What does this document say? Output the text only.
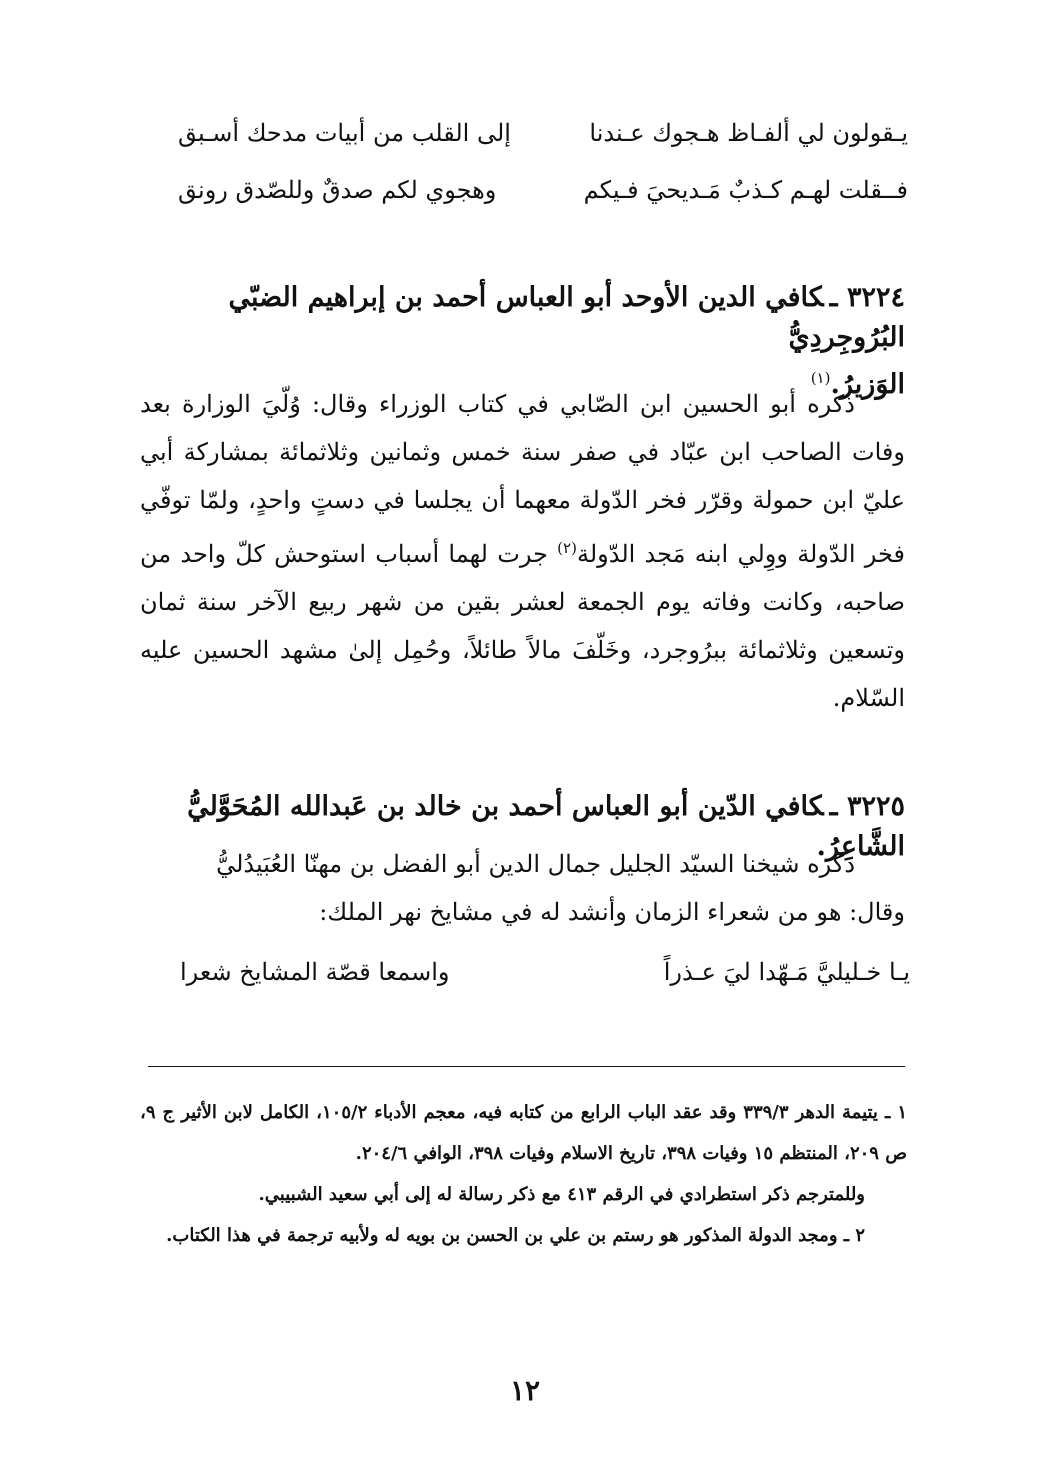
يـقولون لي ألفـاظ هـجوك عـندنا
إلى القلب من أبيات مدحك أسـبق
فــقلت لهـم كـذبٌ مَـديحيَ فـيكم
وهجوي لكم صدقٌ وللصّدق رونق
٣٢٢٤ ـكافي الدين الأوحد أبو العباس أحمد بن إبراهيم الضبّي البُرُوجِردِيُّ
الوَزيرُ.$^{(١)}$

ذكره أبو الحسين ابن الصّابي في كتاب الوزراء وقال: وُلّيَ الوزارة بعد وفات الصاحب ابن عبّاد في صفر سنة خمس وثمانين وثلاثمائة بمشاركة أبي عليّ ابن حمولة وقرّر فخر الدّولة معهما أن يجلسا في دستٍ واحدٍ، ولمّا توفّي فخر الدّولة ووِلي ابنه مَجد الدّولة$^{(٢)}$ جرت لهما أسباب استوحش كلّ واحد من صاحبه، وكانت وفاته يوم الجمعة لعشر بقين من شهر ربيع الآخر سنة ثمان وتسعين وثلاثمائة ببرُوجرد، وخَلّفَ مالاً طائلاً، وحُمِل إلىٰ مشهد الحسين عليه السّلام.

٣٢٢٥ ـكافي الدّين أبو العباس أحمد بن خالد بن عَبدالله المُحَوَّليُّ الشَّاعِرُ.

ذكره شيخنا السيّد الجليل جمال الدين أبو الفضل بن مهنّا العُبَيدُليُّ

وقال: هو من شعراء الزمان وأنشد له في مشايخ نهر الملك:

يـا خـليليَّ مَـهّدا ليَ عـذراً
واسمعا قصّة المشايخ شعرا

١ ـ يتيمة الدهر ٣٣٩/٣ وقد عقد الباب الرابع من كتابه فيه، معجم الأدباء ١٠٥/٢، الكامل لابن الأثير ج ٩، ص ٢٠٩، المنتظم ١٥ وفيات ٣٩٨، تاريخ الاسلام وفيات ٣٩٨، الوافي ٢٠٤/٦.

وللمترجم ذكر استطرادي في الرقم ٤١٣ مع ذكر رسالة له إلى أبي سعيد الشبيبي.

٢ ـ ومجد الدولة المذكور هو رستم بن علي بن الحسن بن بويه له ولأبيه ترجمة في هذا الكتاب.

١٢
